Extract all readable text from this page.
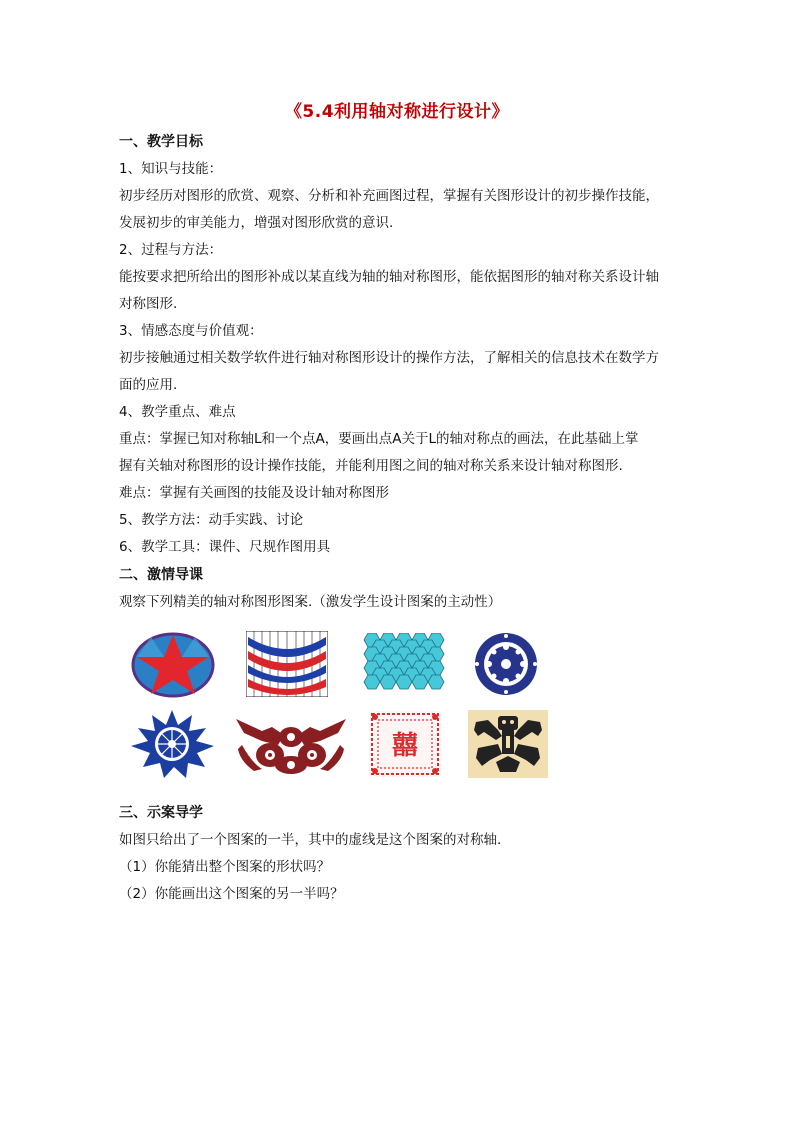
《5.4利用轴对称进行设计》
一、教学目标
1、知识与技能：
初步经历对图形的欣赏、观察、分析和补充画图过程，掌握有关图形设计的初步操作技能，
发展初步的审美能力，增强对图形欣赏的意识.
2、过程与方法：
能按要求把所给出的图形补成以某直线为轴的轴对称图形，能依据图形的轴对称关系设计轴
对称图形.
3、情感态度与价值观：
初步接触通过相关数学软件进行轴对称图形设计的操作方法，了解相关的信息技术在数学方
面的应用.
4、教学重点、难点
重点：掌握已知对称轴L和一个点A，要画出点A关于L的轴对称点的画法，在此基础上掌
握有关轴对称图形的设计操作技能，并能利用图之间的轴对称关系来设计轴对称图形.
难点：掌握有关画图的技能及设计轴对称图形
5、教学方法：动手实践、讨论
6、教学工具：课件、尺规作图用具
二、激情导课
观察下列精美的轴对称图形图案.（激发学生设计图案的主动性）
囍
三、示案导学
如图只给出了一个图案的一半，其中的虚线是这个图案的对称轴.
（1）你能猜出整个图案的形状吗？
（2）你能画出这个图案的另一半吗？
